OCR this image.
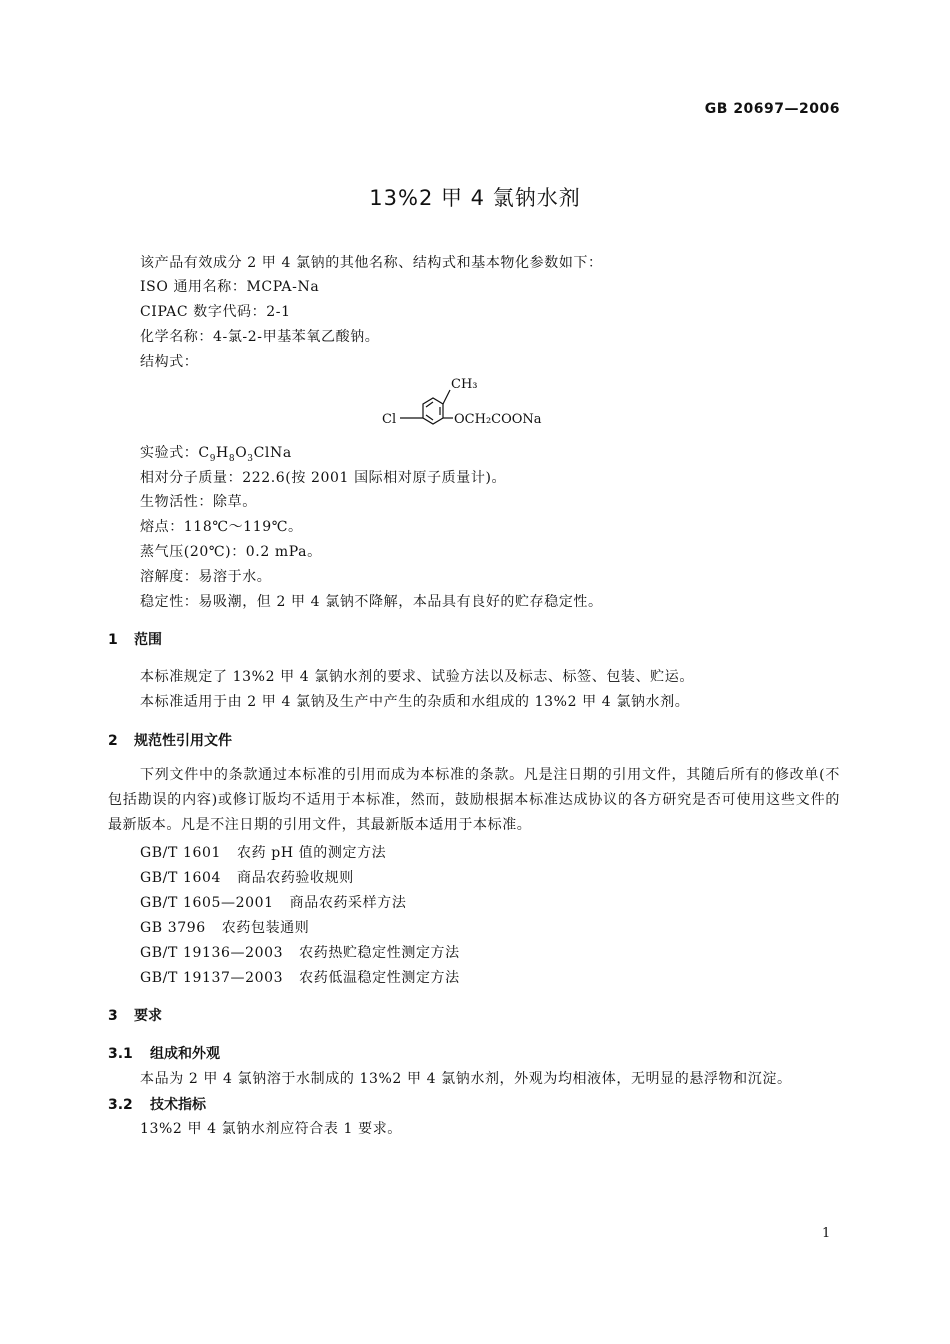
GB 20697—2006
13%2 甲 4 氯钠水剂
该产品有效成分 2 甲 4 氯钠的其他名称、结构式和基本物化参数如下：
ISO 通用名称：MCPA-Na
CIPAC 数字代码：2-1
化学名称：4-氯-2-甲基苯氧乙酸钠。
结构式：
CH₃
Cl	OCH₂COONa
实验式：$C_9H_8O_3ClNa$
相对分子质量：222.6(按 2001 国际相对原子质量计)。
生物活性：除草。
熔点：118℃～119℃。
蒸气压(20℃)：0.2 mPa。
溶解度：易溶于水。
稳定性：易吸潮，但 2 甲 4 氯钠不降解，本品具有良好的贮存稳定性。
1 范围
本标准规定了 13%2 甲 4 氯钠水剂的要求、试验方法以及标志、标签、包装、贮运。
本标准适用于由 2 甲 4 氯钠及生产中产生的杂质和水组成的 13%2 甲 4 氯钠水剂。
2 规范性引用文件
下列文件中的条款通过本标准的引用而成为本标准的条款。凡是注日期的引用文件，其随后所有的修改单(不包括勘误的内容)或修订版均不适用于本标准，然而，鼓励根据本标准达成协议的各方研究是否可使用这些文件的最新版本。凡是不注日期的引用文件，其最新版本适用于本标准。
GB/T 1601 农药 pH 值的测定方法
GB/T 1604 商品农药验收规则
GB/T 1605—2001 商品农药采样方法
GB 3796 农药包装通则
GB/T 19136—2003 农药热贮稳定性测定方法
GB/T 19137—2003 农药低温稳定性测定方法
3 要求
3.1 组成和外观
本品为 2 甲 4 氯钠溶于水制成的 13%2 甲 4 氯钠水剂，外观为均相液体，无明显的悬浮物和沉淀。
3.2 技术指标
13%2 甲 4 氯钠水剂应符合表 1 要求。
1
